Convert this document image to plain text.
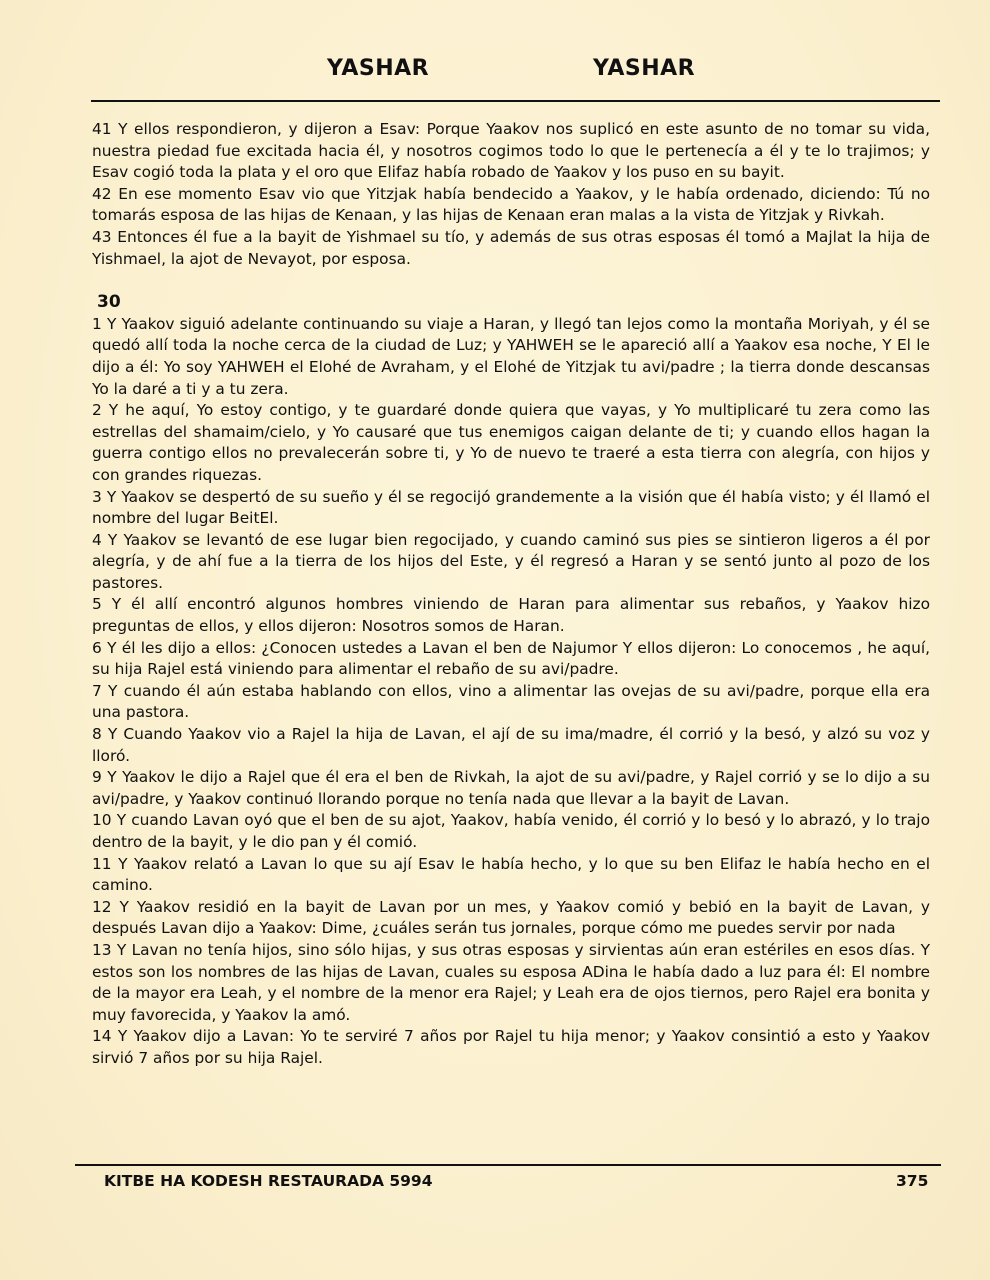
YASHAR	YASHAR

41 Y ellos respondieron, y dijeron a Esav: Porque Yaakov nos suplicó en este asunto de no tomar su vida, nuestra piedad fue excitada hacia él, y nosotros cogimos todo lo que le pertenecía a él y te lo trajimos; y Esav cogió toda la plata y el oro que Elifaz había robado de Yaakov y los puso en su bayit.

42 En ese momento Esav vio que Yitzjak había bendecido a Yaakov, y le había ordenado, diciendo: Tú no tomarás esposa de las hijas de Kenaan, y las hijas de Kenaan eran malas a la vista de Yitzjak y Rivkah.

43 Entonces él fue a la bayit de Yishmael su tío, y además de sus otras esposas él tomó a Majlat la hija de Yishmael, la ajot de Nevayot, por esposa.

30

1 Y Yaakov siguió adelante continuando su viaje a Haran, y llegó tan lejos como la montaña Moriyah, y él se quedó allí toda la noche cerca de la ciudad de Luz; y YAHWEH se le apareció allí a Yaakov esa noche, Y El le dijo a él: Yo soy YAHWEH el Elohé de Avraham, y el Elohé de Yitzjak tu avi/padre ; la tierra donde descansas Yo la daré a ti y a tu zera.

2 Y he aquí, Yo estoy contigo, y te guardaré donde quiera que vayas, y Yo multiplicaré tu zera como las estrellas del shamaim/cielo, y Yo causaré que tus enemigos caigan delante de ti; y cuando ellos hagan la guerra contigo ellos no prevalecerán sobre ti, y Yo de nuevo te traeré a esta tierra con alegría, con hijos y con grandes riquezas.

3 Y Yaakov se despertó de su sueño y él se regocijó grandemente a la visión que él había visto; y él llamó el nombre del lugar BeitEl.

4 Y Yaakov se levantó de ese lugar bien regocijado, y cuando caminó sus pies se sintieron ligeros a él por alegría, y de ahí fue a la tierra de los hijos del Este, y él regresó a Haran y se sentó junto al pozo de los pastores.

5 Y él allí encontró algunos hombres viniendo de Haran para alimentar sus rebaños, y Yaakov hizo preguntas de ellos, y ellos dijeron: Nosotros somos de Haran.

6 Y él les dijo a ellos: ¿Conocen ustedes a Lavan el ben de Najumor Y ellos dijeron: Lo conocemos , he aquí, su hija Rajel está viniendo para alimentar el rebaño de su avi/padre.

7 Y cuando él aún estaba hablando con ellos, vino a alimentar las ovejas de su avi/padre, porque ella era una pastora.

8 Y Cuando Yaakov vio a Rajel la hija de Lavan, el ají de su ima/madre, él corrió y la besó, y alzó su voz y lloró.

9 Y Yaakov le dijo a Rajel que él era el ben de Rivkah, la ajot de su avi/padre, y Rajel corrió y se lo dijo a su avi/padre, y Yaakov continuó llorando porque no tenía nada que llevar a la bayit de Lavan.

10 Y cuando Lavan oyó que el ben de su ajot, Yaakov, había venido, él corrió y lo besó y lo abrazó, y lo trajo dentro de la bayit, y le dio pan y él comió.

11 Y Yaakov relató a Lavan lo que su ají Esav le había hecho, y lo que su ben Elifaz le había hecho en el camino.

12 Y Yaakov residió en la bayit de Lavan por un mes, y Yaakov comió y bebió en la bayit de Lavan, y después Lavan dijo a Yaakov: Dime, ¿cuáles serán tus jornales, porque cómo me puedes servir por nada

13 Y Lavan no tenía hijos, sino sólo hijas, y sus otras esposas y sirvientas aún eran estériles en esos días. Y estos son los nombres de las hijas de Lavan, cuales su esposa ADina le había dado a luz para él: El nombre de la mayor era Leah, y el nombre de la menor era Rajel; y Leah era de ojos tiernos, pero Rajel era bonita y muy favorecida, y Yaakov la amó.

14 Y Yaakov dijo a Lavan: Yo te serviré 7 años por Rajel tu hija menor; y Yaakov consintió a esto y Yaakov sirvió 7 años por su hija Rajel.

KITBE HA KODESH RESTAURADA 5994	375
